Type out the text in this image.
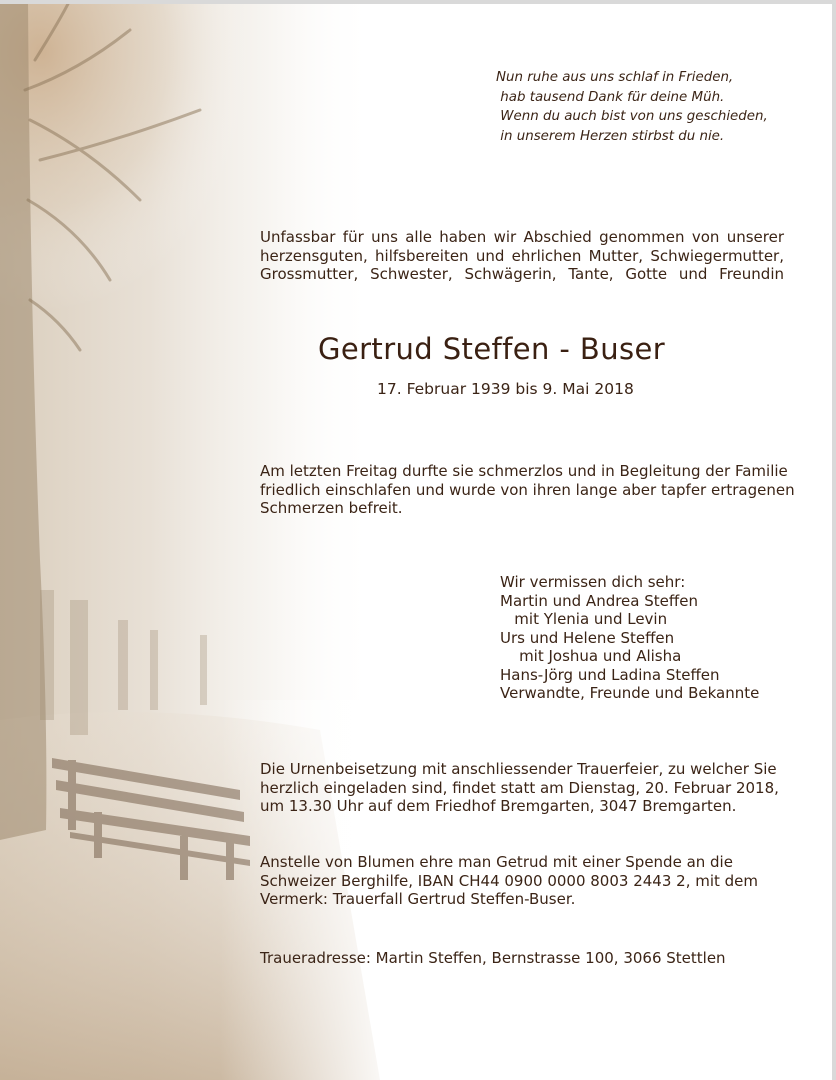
Nun ruhe aus uns schlaf in Frieden,
hab tausend Dank für deine Müh.
Wenn du auch bist von uns geschieden,
in unserem Herzen stirbst du nie.

Unfassbar für uns alle haben wir Abschied genommen von unserer
herzensguten, hilfsbereiten und ehrlichen Mutter, Schwiegermutter,
Grossmutter, Schwester, Schwägerin, Tante, Gotte und Freundin

Gertrud Steffen - Buser

17. Februar 1939 bis 9. Mai 2018

Am letzten Freitag durfte sie schmerzlos und in Begleitung der Familie
friedlich einschlafen und wurde von ihren lange aber tapfer ertragenen
Schmerzen befreit.

Wir vermissen dich sehr:
Martin und Andrea Steffen
mit Ylenia und Levin
Urs und Helene Steffen
mit Joshua und Alisha
Hans-Jörg und Ladina Steffen
Verwandte, Freunde und Bekannte

Die Urnenbeisetzung mit anschliessender Trauerfeier, zu welcher Sie
herzlich eingeladen sind, findet statt am Dienstag, 20. Februar 2018,
um 13.30 Uhr auf dem Friedhof Bremgarten, 3047 Bremgarten.

Anstelle von Blumen ehre man Getrud mit einer Spende an die
Schweizer Berghilfe, IBAN CH44 0900 0000 8003 2443 2, mit dem
Vermerk: Trauerfall Gertrud Steffen-Buser.

Traueradresse: Martin Steffen, Bernstrasse 100, 3066 Stettlen
